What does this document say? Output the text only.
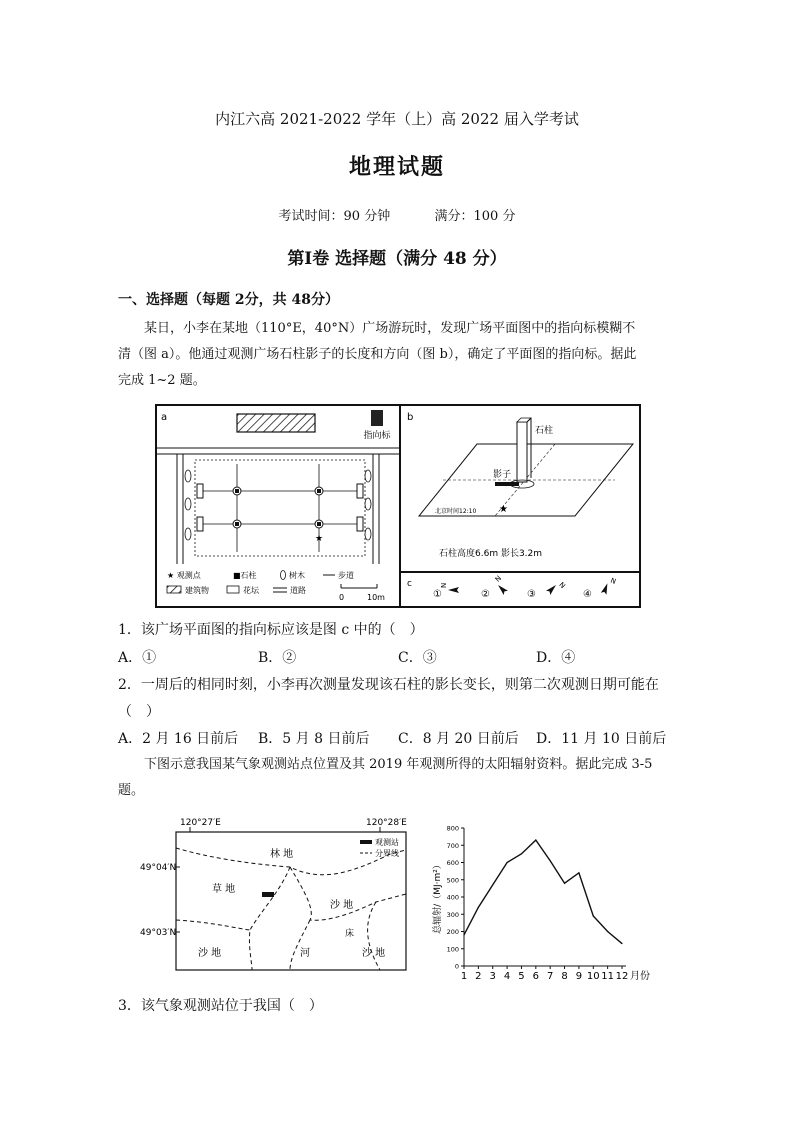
内江六高 2021-2022 学年（上）高 2022 届入学考试
地理试题
考试时间：90 分钟	满分：100 分
第Ⅰ卷 选择题（满分 48 分）
一、选择题（每题 2分，共 48分）
某日，小李在某地（110°E，40°N）广场游玩时，发现广场平面图中的指向标模糊不
清（图 a）。他通过观测广场石柱影子的长度和方向（图 b），确定了平面图的指向标。据此
完成 1~2 题。
a
指向标
★
★ 观测点	■石柱	树木	步道
建筑物	花坛	道路
0	10m
b
石柱
影子
★
北京时间12:10
石柱高度6.6m 影长3.2m
c
①
N
②
N
③
N
④
N
1．该广场平面图的指向标应该是图 c 中的（　）
A．①	B．②	C．③	D．④
2．一周后的相同时刻，小李再次测量发现该石柱的影长变长，则第二次观测日期可能在
（　）
A．2 月 16 日前后 B．5 月 8 日前后 C．8 月 20 日前后 D．11 月 10 日前后
下图示意我国某气象观测站点位置及其 2019 年观测所得的太阳辐射资料。据此完成 3-5
题。
120°27′E	120°28′E
49°04′N
49°03′N
观测站
分界线
林 地
草 地
沙 地
床
河
沙 地	沙 地
0
100
200
300
400
500
600
700
800
1 2 3 4 5 6 7 8 9 10 11 12 月份
总辐射/（MJ·m²）
3．该气象观测站位于我国（　）
